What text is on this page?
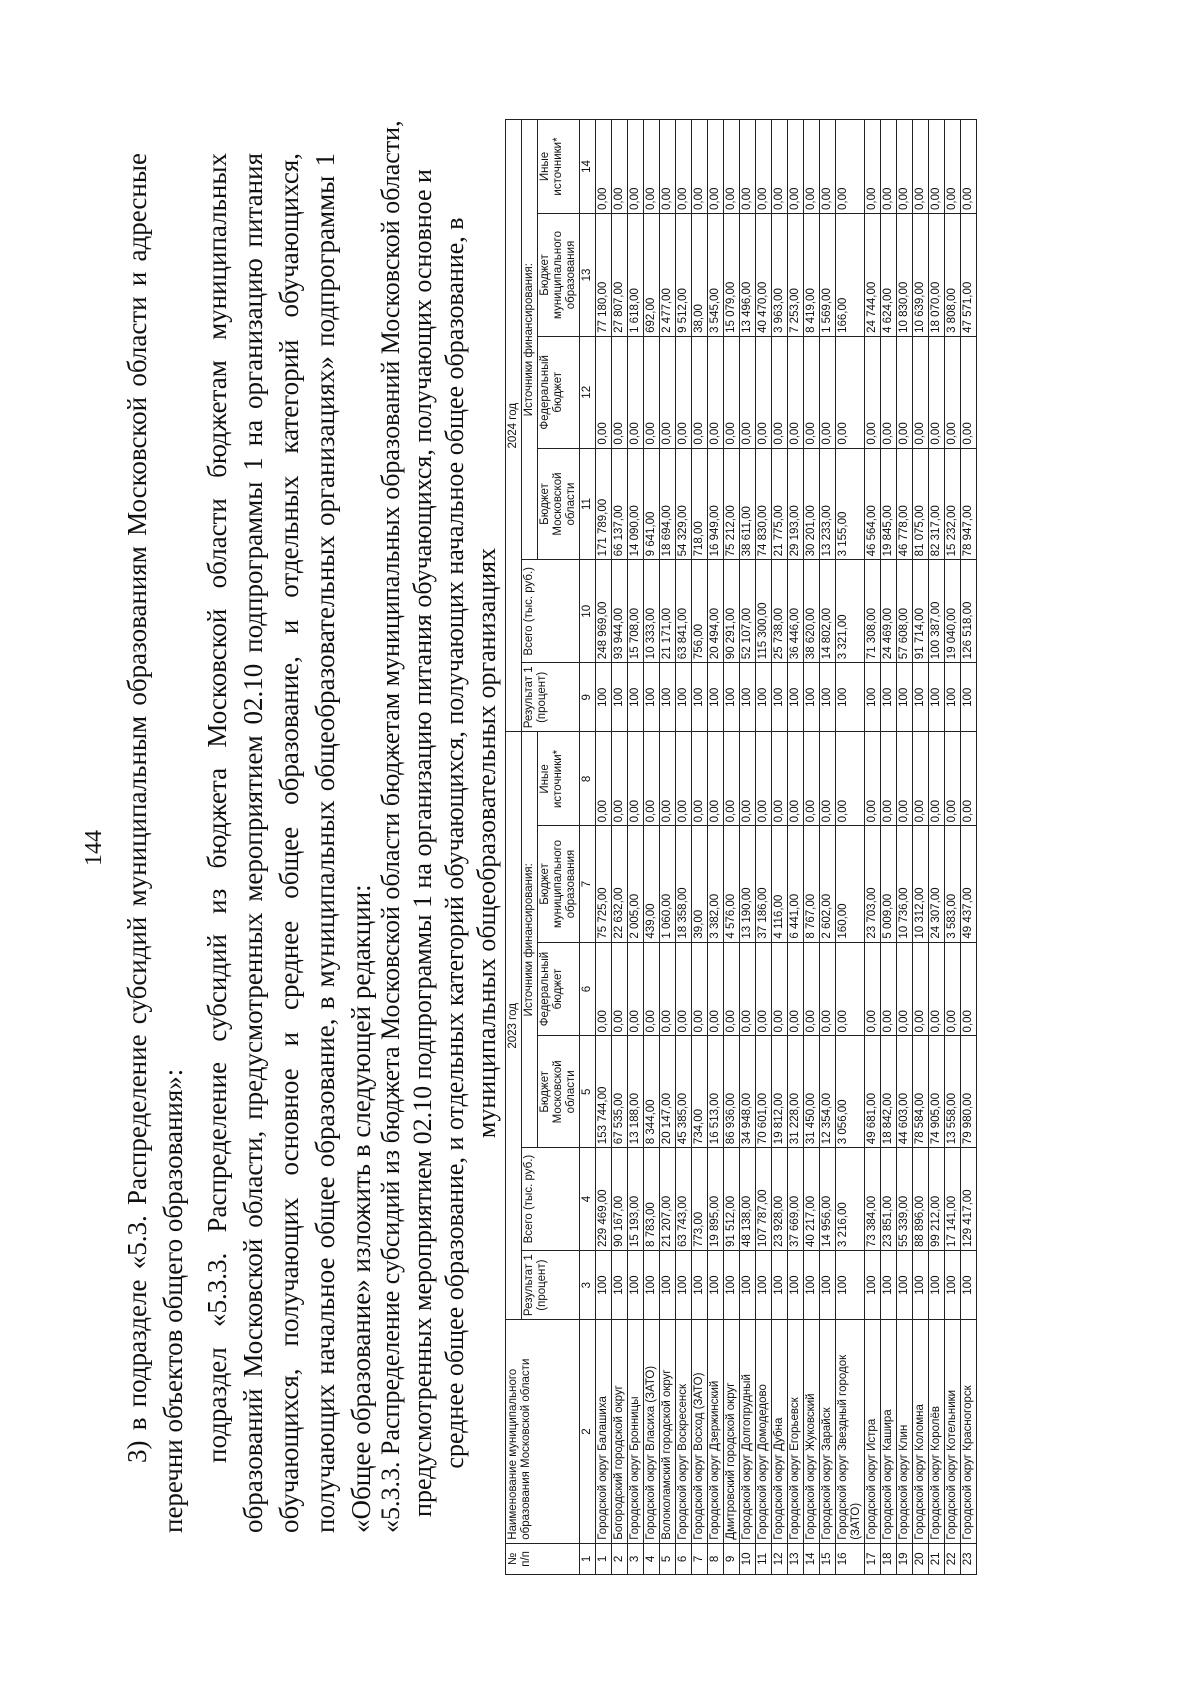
144 3) в подразделе «5.3. Распределение субсидий муниципальным образованиям Московской области и адресные перечни объектов общего образования»: подраздел «5.3.3. Распределение субсидий из бюджета Московской области бюджетам муниципальных образований Московской области, предусмотренных мероприятием 02.10 подпрограммы 1 на организацию питания обучающихся, получающих основное и среднее общее образование, и отдельных категорий обучающихся, получающих начальное общее образование, в муниципальных общеобразовательных организациях» подпрограммы 1 «Общее образование» изложить в следующей редакции: «5.3.3. Распределение субсидий из бюджета Московской области бюджетам муниципальных образований Московской области, предусмотренных мероприятием 02.10 подпрограммы 1 на организацию питания обучающихся, получающих основное и среднее общее образование, и отдельных категорий обучающихся, получающих начальное общее образование, в муниципальных общеобразовательных организациях
№ п/п	Наименование муниципального образования Московской области	2023 год						2024 год					
		Результат 1 (процент)	Всего (тыс. руб.)	Источники финансирования:				Результат 1 (процент)	Всего (тыс. руб.)	Источники финансирования:			
				Бюджет Московской области	Федеральный бюджет	Бюджет муниципального образования	Иные источники*			Бюджет Московской области	Федеральный бюджет	Бюджет муниципального образования	Иные источники*
1	2	3	4	5	6	7	8	9	10	11	12	13	14
1	Городской округ Балашиха	100	229 469,00	153 744,00	0,00	75 725,00	0,00	100	248 969,00	171 789,00	0,00	77 180,00	0,00
2	Богородский городской округ	100	90 167,00	67 535,00	0,00	22 632,00	0,00	100	93 944,00	66 137,00	0,00	27 807,00	0,00
3	Городской округ Бронницы	100	15 193,00	13 188,00	0,00	2 005,00	0,00	100	15 708,00	14 090,00	0,00	1 618,00	0,00
4	Городской округ Власиха (ЗАТО)	100	8 783,00	8 344,00	0,00	439,00	0,00	100	10 333,00	9 641,00	0,00	692,00	0,00
5	Волоколамский городской округ	100	21 207,00	20 147,00	0,00	1 060,00	0,00	100	21 171,00	18 694,00	0,00	2 477,00	0,00
6	Городской округ Воскресенск	100	63 743,00	45 385,00	0,00	18 358,00	0,00	100	63 841,00	54 329,00	0,00	9 512,00	0,00
7	Городской округ Восход (ЗАТО)	100	773,00	734,00	0,00	39,00	0,00	100	756,00	718,00	0,00	38,00	0,00
8	Городской округ Дзержинский	100	19 895,00	16 513,00	0,00	3 382,00	0,00	100	20 494,00	16 949,00	0,00	3 545,00	0,00
9	Дмитровский городской округ	100	91 512,00	86 936,00	0,00	4 576,00	0,00	100	90 291,00	75 212,00	0,00	15 079,00	0,00
10	Городской округ Долгопрудный	100	48 138,00	34 948,00	0,00	13 190,00	0,00	100	52 107,00	38 611,00	0,00	13 496,00	0,00
11	Городской округ Домодедово	100	107 787,00	70 601,00	0,00	37 186,00	0,00	100	115 300,00	74 830,00	0,00	40 470,00	0,00
12	Городской округ Дубна	100	23 928,00	19 812,00	0,00	4 116,00	0,00	100	25 738,00	21 775,00	0,00	3 963,00	0,00
13	Городской округ Егорьевск	100	37 669,00	31 228,00	0,00	6 441,00	0,00	100	36 446,00	29 193,00	0,00	7 253,00	0,00
14	Городской округ Жуковский	100	40 217,00	31 450,00	0,00	8 767,00	0,00	100	38 620,00	30 201,00	0,00	8 419,00	0,00
15	Городской округ Зарайск	100	14 956,00	12 354,00	0,00	2 602,00	0,00	100	14 802,00	13 233,00	0,00	1 569,00	0,00
16	Городской округ Звездный городок (ЗАТО)	100	3 216,00	3 056,00	0,00	160,00	0,00	100	3 321,00	3 155,00	0,00	166,00	0,00
17	Городской округ Истра	100	73 384,00	49 681,00	0,00	23 703,00	0,00	100	71 308,00	46 564,00	0,00	24 744,00	0,00
18	Городской округ Кашира	100	23 851,00	18 842,00	0,00	5 009,00	0,00	100	24 469,00	19 845,00	0,00	4 624,00	0,00
19	Городской округ Клин	100	55 339,00	44 603,00	0,00	10 736,00	0,00	100	57 608,00	46 778,00	0,00	10 830,00	0,00
20	Городской округ Коломна	100	88 896,00	78 584,00	0,00	10 312,00	0,00	100	91 714,00	81 075,00	0,00	10 639,00	0,00
21	Городской округ Королёв	100	99 212,00	74 905,00	0,00	24 307,00	0,00	100	100 387,00	82 317,00	0,00	18 070,00	0,00
22	Городской округ Котельники	100	17 141,00	13 558,00	0,00	3 583,00	0,00	100	19 040,00	15 232,00	0,00	3 808,00	0,00
23	Городской округ Красногорск	100	129 417,00	79 980,00	0,00	49 437,00	0,00	100	126 518,00	78 947,00	0,00	47 571,00	0,00
